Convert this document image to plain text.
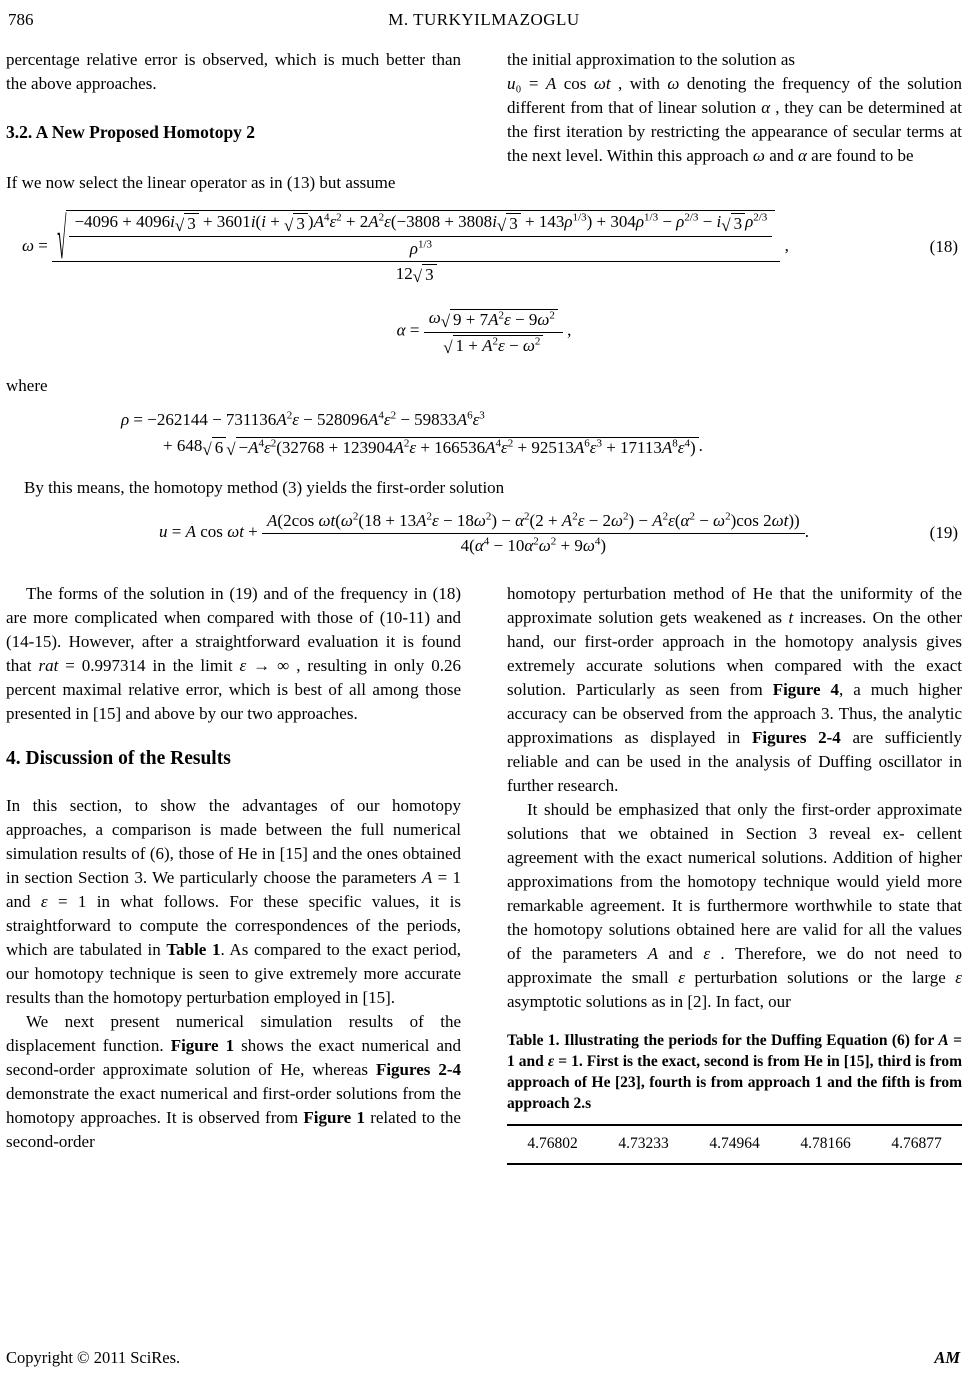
786	M. TURKYILMAZOGLU

percentage relative error is observed, which is much better than the above approaches.

3.2. A New Proposed Homotopy 2

If we now select the linear operator as in (13) but assume

the initial approximation to the solution as

u₀ = A cos ωt , with ω denoting the frequency of the solution different from that of linear solution α , they can be determined at the first iteration by restricting the appearance of secular terms at the next level. Within this approach ω and α are found to be

ω = √ −4096 + 4096i √ 3 + 3601i(i + √ 3 )$A^4\varepsilon^2 + 2A^2\varepsilon(-3808 + 3808i$ √ $3 + 143\rho^{1/3}) + 304\rho^{1/3} - \rho^{2/3} - i$ √ 3 $\rho^{2/3}$
$\rho^{1/3}$
12 √ 3
,	(18)
$\alpha = \frac{\omega √ 9 + 7A^2\varepsilon - 9\omega^2}{√ 1 + A^2\varepsilon - \omega^2}$ ,

where

$\rho = -262144 - 731136A^2\varepsilon - 528096A^4\varepsilon^2 - 59833A^6\varepsilon^3$
+ 648 √ 6 √ $-A^4\varepsilon^2(32768 + 123904A^2\varepsilon + 166536A^4\varepsilon^2 + 92513A^6\varepsilon^3 + 17113A^8\varepsilon^4)$ .

By this means, the homotopy method (3) yields the first-order solution

u = A cos ωt +
A(2cos $\omega t(\omega^2(18 + 13A^2\varepsilon - 18\omega^2) - \alpha^2(2 + A^2\varepsilon - 2\omega^2) - A^2\varepsilon(\alpha^2 - \omega^2)\cos$ 2ωt))
$4(\alpha^4 - 10\alpha^2\omega^2 + 9\omega^4)$
.	(19)

The forms of the solution in (19) and of the frequency in (18) are more complicated when compared with those of (10-11) and (14-15). However, after a straightforward evaluation it is found that rat = 0.997314 in the limit ε → ∞ , resulting in only 0.26 percent maximal relative error, which is best of all among those presented in [15] and above by our two approaches.

4. Discussion of the Results

In this section, to show the advantages of our homotopy approaches, a comparison is made between the full numerical simulation results of (6), those of He in [15] and the ones obtained in section Section 3. We particularly choose the parameters A = 1 and ε = 1 in what follows. For these specific values, it is straightforward to compute the correspondences of the periods, which are tabulated in Table 1. As compared to the exact period, our homotopy technique is seen to give extremely more accurate results than the homotopy perturbation employed in [15].

We next present numerical simulation results of the displacement function. Figure 1 shows the exact numerical and second-order approximate solution of He, whereas Figures 2-4 demonstrate the exact numerical and first-order solutions from the homotopy approaches. It is observed from Figure 1 related to the second-order

homotopy perturbation method of He that the uniformity of the approximate solution gets weakened as t increases. On the other hand, our first-order approach in the homotopy analysis gives extremely accurate solutions when compared with the exact solution. Particularly as seen from Figure 4, a much higher accuracy can be observed from the approach 3. Thus, the analytic approximations as displayed in Figures 2-4 are sufficiently reliable and can be used in the analysis of Duffing oscillator in further research.

It should be emphasized that only the first-order approximate solutions that we obtained in Section 3 reveal ex- cellent agreement with the exact numerical solutions. Addition of higher approximations from the homotopy technique would yield more remarkable agreement. It is furthermore worthwhile to state that the homotopy solutions obtained here are valid for all the values of the parameters A and ε . Therefore, we do not need to approximate the small ε perturbation solutions or the large ε asymptotic solutions as in [2]. In fact, our

Table 1. Illustrating the periods for the Duffing Equation (6) for A = 1 and ε = 1. First is the exact, second is from He in [15], third is from approach of He [23], fourth is from approach 1 and the fifth is from approach 2.s
4.76802	4.73233	4.74964	4.78166	4.76877
Copyright © 2011 SciRes.	AM
